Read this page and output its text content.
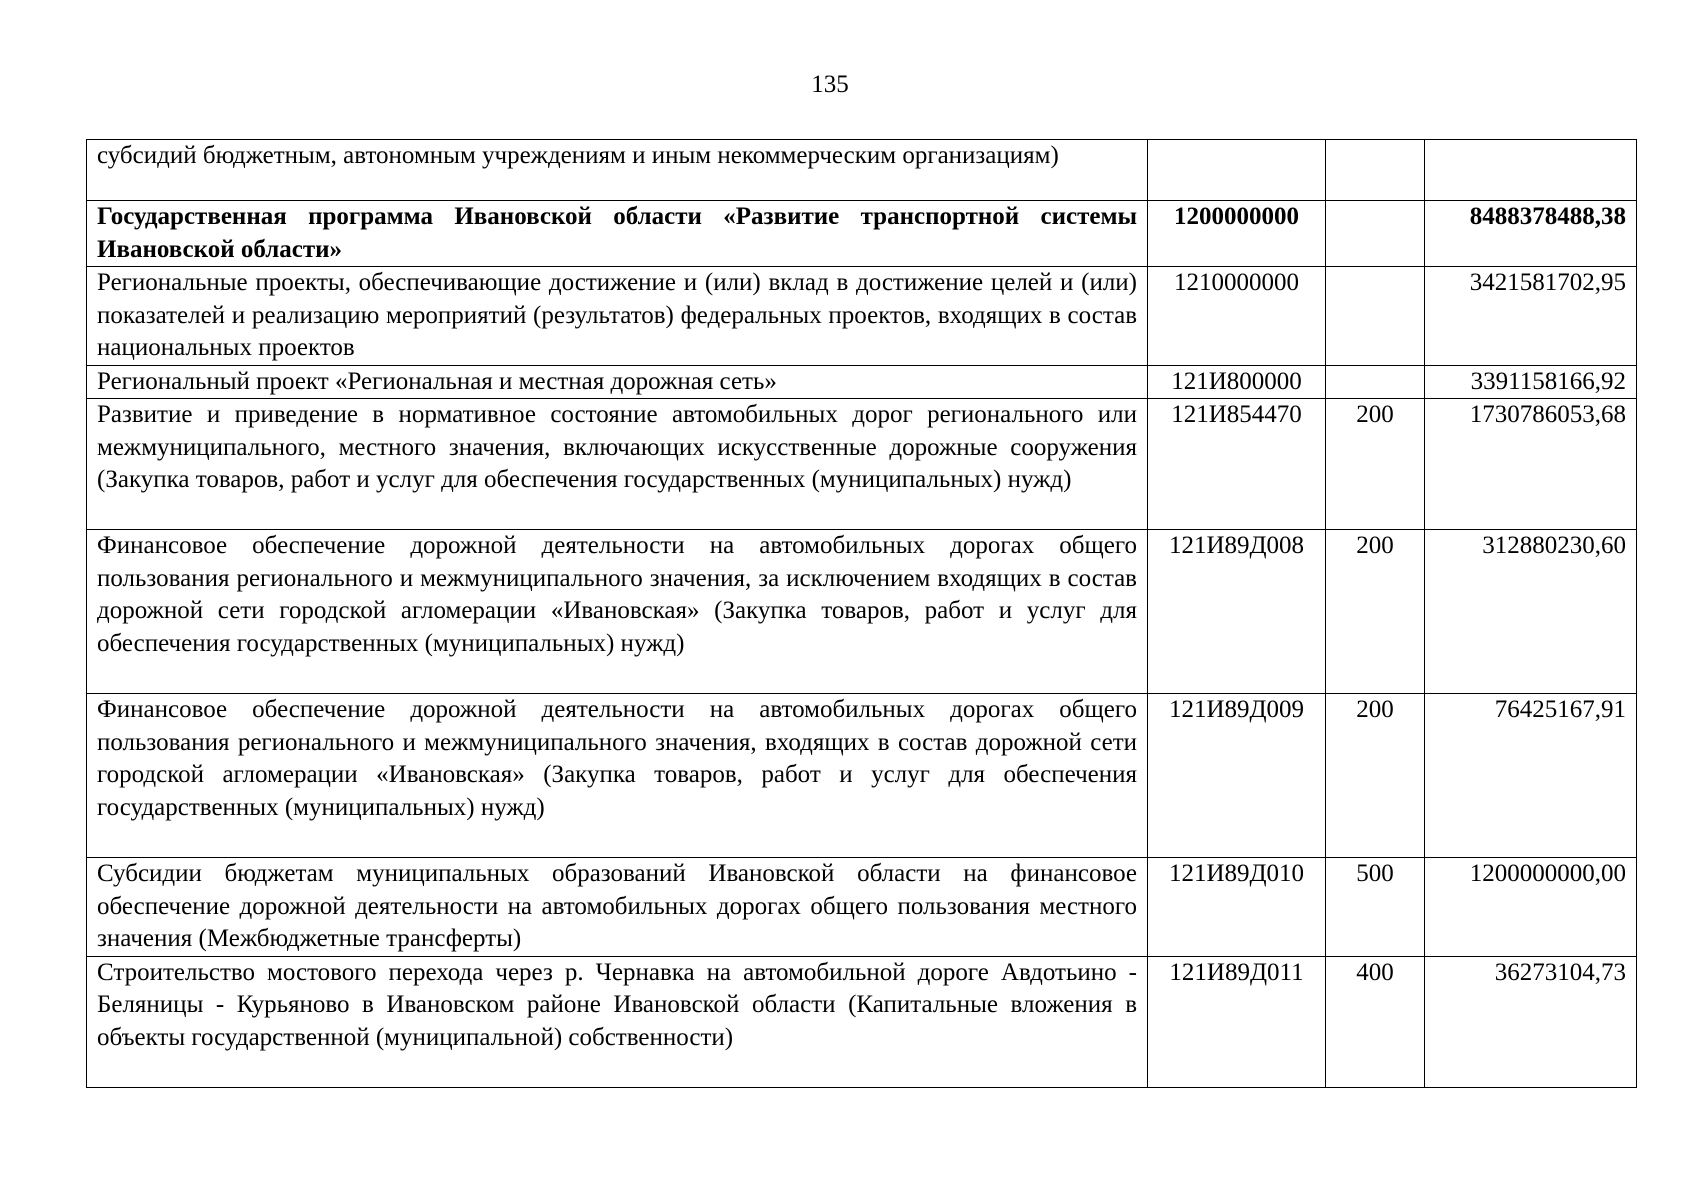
135
субсидий бюджетным, автономным учреждениям и иным некоммерческим организациям)			
Государственная программа Ивановской области «Развитие транспортной системы Ивановской области»	1200000000		8488378488,38
Региональные проекты, обеспечивающие достижение и (или) вклад в достижение целей и (или) показателей и реализацию мероприятий (результатов) федеральных проектов, входящих в состав национальных проектов	1210000000		3421581702,95
Региональный проект «Региональная и местная дорожная сеть»	121И800000		3391158166,92
Развитие и приведение в нормативное состояние автомобильных дорог регионального или межмуниципального, местного значения, включающих искусственные дорожные сооружения (Закупка товаров, работ и услуг для обеспечения государственных (муниципальных) нужд)	121И854470	200	1730786053,68
Финансовое обеспечение дорожной деятельности на автомобильных дорогах общего пользования регионального и межмуниципального значения, за исключением входящих в состав дорожной сети городской агломерации «Ивановская» (Закупка товаров, работ и услуг для обеспечения государственных (муниципальных) нужд)	121И89Д008	200	312880230,60
Финансовое обеспечение дорожной деятельности на автомобильных дорогах общего пользования регионального и межмуниципального значения, входящих в состав дорожной сети городской агломерации «Ивановская» (Закупка товаров, работ и услуг для обеспечения государственных (муниципальных) нужд)	121И89Д009	200	76425167,91
Субсидии бюджетам муниципальных образований Ивановской области на финансовое обеспечение дорожной деятельности на автомобильных дорогах общего пользования местного значения (Межбюджетные трансферты)	121И89Д010	500	1200000000,00
Строительство мостового перехода через р. Чернавка на автомобильной дороге Авдотьино - Беляницы - Курьяново в Ивановском районе Ивановской области (Капитальные вложения в объекты государственной (муниципальной) собственности)	121И89Д011	400	36273104,73
